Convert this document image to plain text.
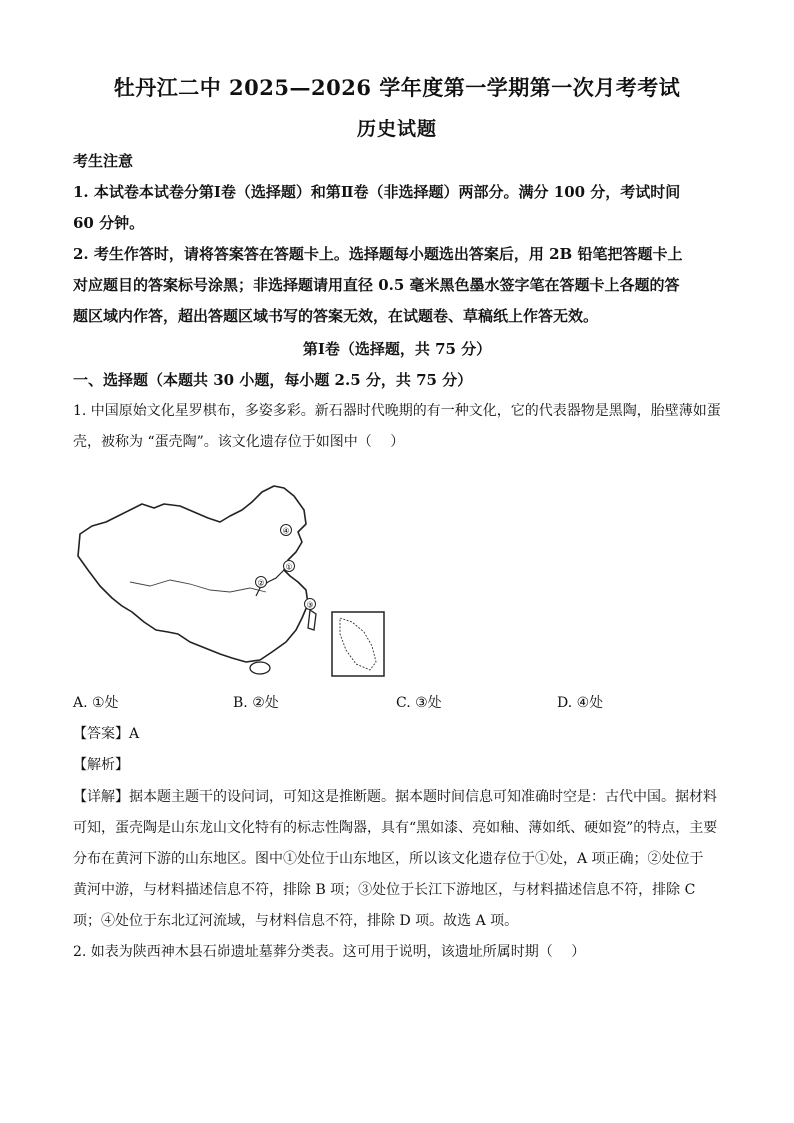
牡丹江二中 2025—2026 学年度第一学期第一次月考考试
历史试题
考生注意
1. 本试卷本试卷分第Ⅰ卷（选择题）和第Ⅱ卷（非选择题）两部分。满分 100 分，考试时间
60 分钟。
2. 考生作答时，请将答案答在答题卡上。选择题每小题选出答案后，用 2B 铅笔把答题卡上
对应题目的答案标号涂黑；非选择题请用直径 0.5 毫米黑色墨水签字笔在答题卡上各题的答
题区域内作答，超出答题区域书写的答案无效，在试题卷、草稿纸上作答无效。
第Ⅰ卷（选择题，共 75 分）
一、选择题（本题共 30 小题，每小题 2.5 分，共 75 分）
1. 中国原始文化星罗棋布，多姿多彩。新石器时代晚期的有一种文化，它的代表器物是黑陶，胎壁薄如蛋
壳，被称为 “蛋壳陶”。该文化遗存位于如图中（　 ）
①
②
③
④
A. ①处	B. ②处	C. ③处	D. ④处
【答案】A
【解析】
【详解】据本题主题干的设问词，可知这是推断题。据本题时间信息可知准确时空是：古代中国。据材料
可知，蛋壳陶是山东龙山文化特有的标志性陶器，具有“黑如漆、亮如釉、薄如纸、硬如瓷”的特点，主要
分布在黄河下游的山东地区。图中①处位于山东地区，所以该文化遗存位于①处，A 项正确；②处位于
黄河中游，与材料描述信息不符，排除 B 项；③处位于长江下游地区，与材料描述信息不符，排除 C
项；④处位于东北辽河流域，与材料信息不符，排除 D 项。故选 A 项。
2. 如表为陕西神木县石峁遗址墓葬分类表。这可用于说明，该遗址所属时期（　 ）
